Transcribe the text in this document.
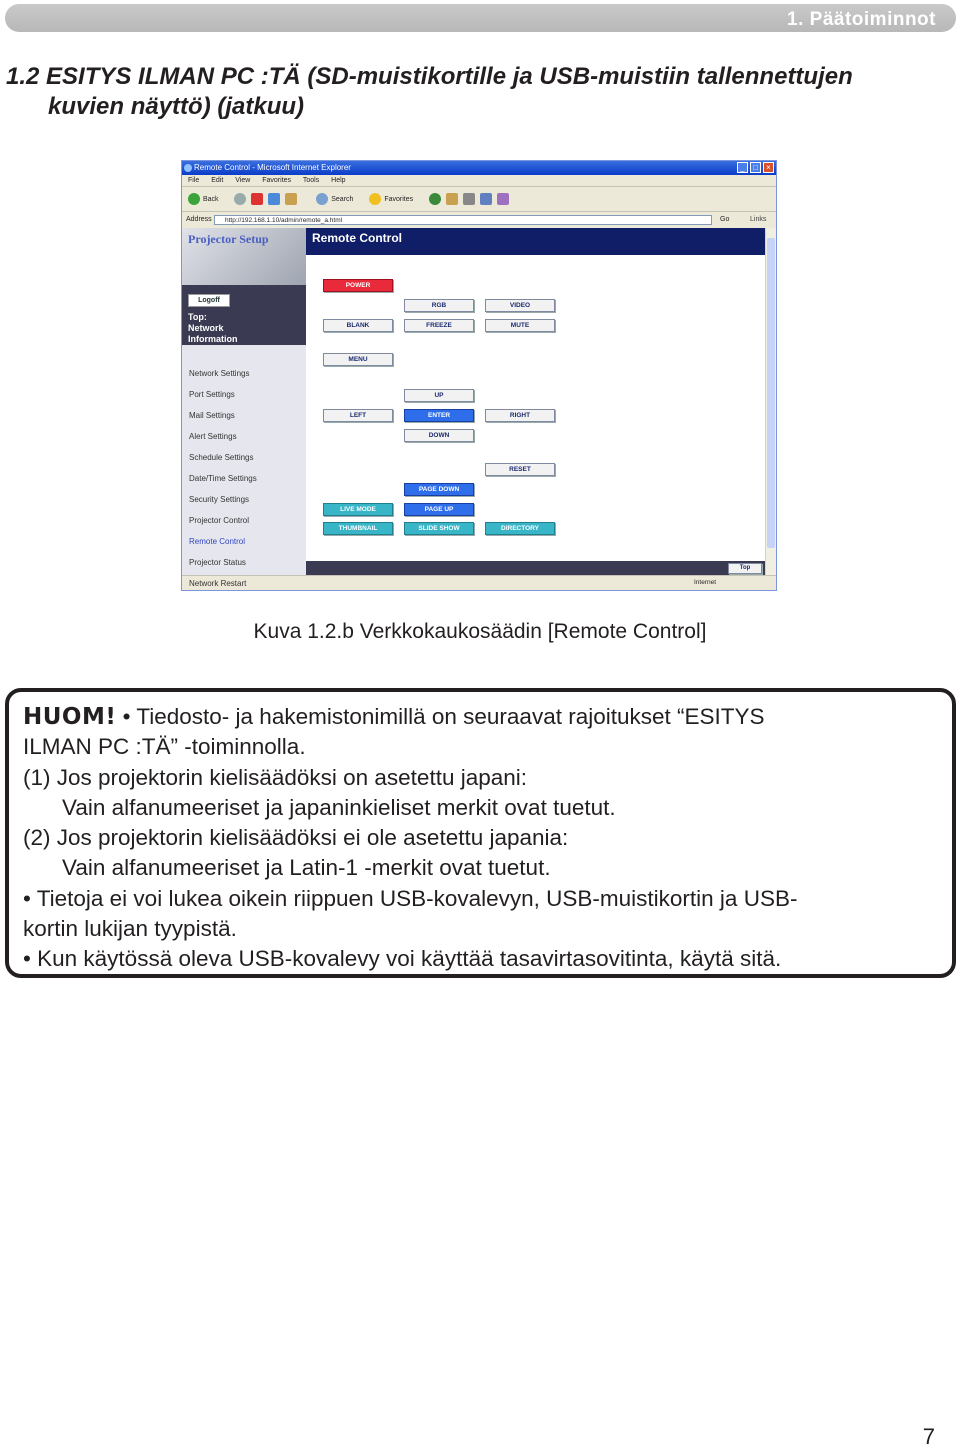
1. Päätoiminnot
1.2 ESITYS ILMAN PC :TÄ (SD-muistikortille ja USB-muistiin tallennettujen
kuvien näyttö) (jatkuu)
Remote Control - Microsoft Internet Explorer	_	□	×
File Edit View Favorites Tools Help
Back	Search	Favorites
Address	http://192.168.1.10/admin/remote_a.html	Go	Links
Projector Setup	Remote Control
Logoff
Top:
Network
Information
Network Settings
Port Settings
Mail Settings
Alert Settings
Schedule Settings
Date/Time Settings
Security Settings
Projector Control
Remote Control
Projector Status
Network Restart
POWER
RGB	VIDEO
BLANK	FREEZE	MUTE
MENU
UP
LEFT	ENTER	RIGHT
DOWN
RESET
PAGE DOWN
LIVE MODE	PAGE UP
THUMBNAIL	SLIDE SHOW	DIRECTORY
Top
Internet
Kuva 1.2.b Verkkokaukosäädin [Remote Control]
HUOM! • Tiedosto- ja hakemistonimillä on seuraavat rajoitukset “ESITYS
ILMAN PC :TÄ” -toiminnolla.
(1) Jos projektorin kielisäädöksi on asetettu japani:
Vain alfanumeeriset ja japaninkieliset merkit ovat tuetut.
(2) Jos projektorin kielisäädöksi ei ole asetettu japania:
Vain alfanumeeriset ja Latin-1 -merkit ovat tuetut.
• Tietoja ei voi lukea oikein riippuen USB-kovalevyn, USB-muistikortin ja USB-
kortin lukijan tyypistä.
• Kun käytössä oleva USB-kovalevy voi käyttää tasavirtasovitinta, käytä sitä.
7
